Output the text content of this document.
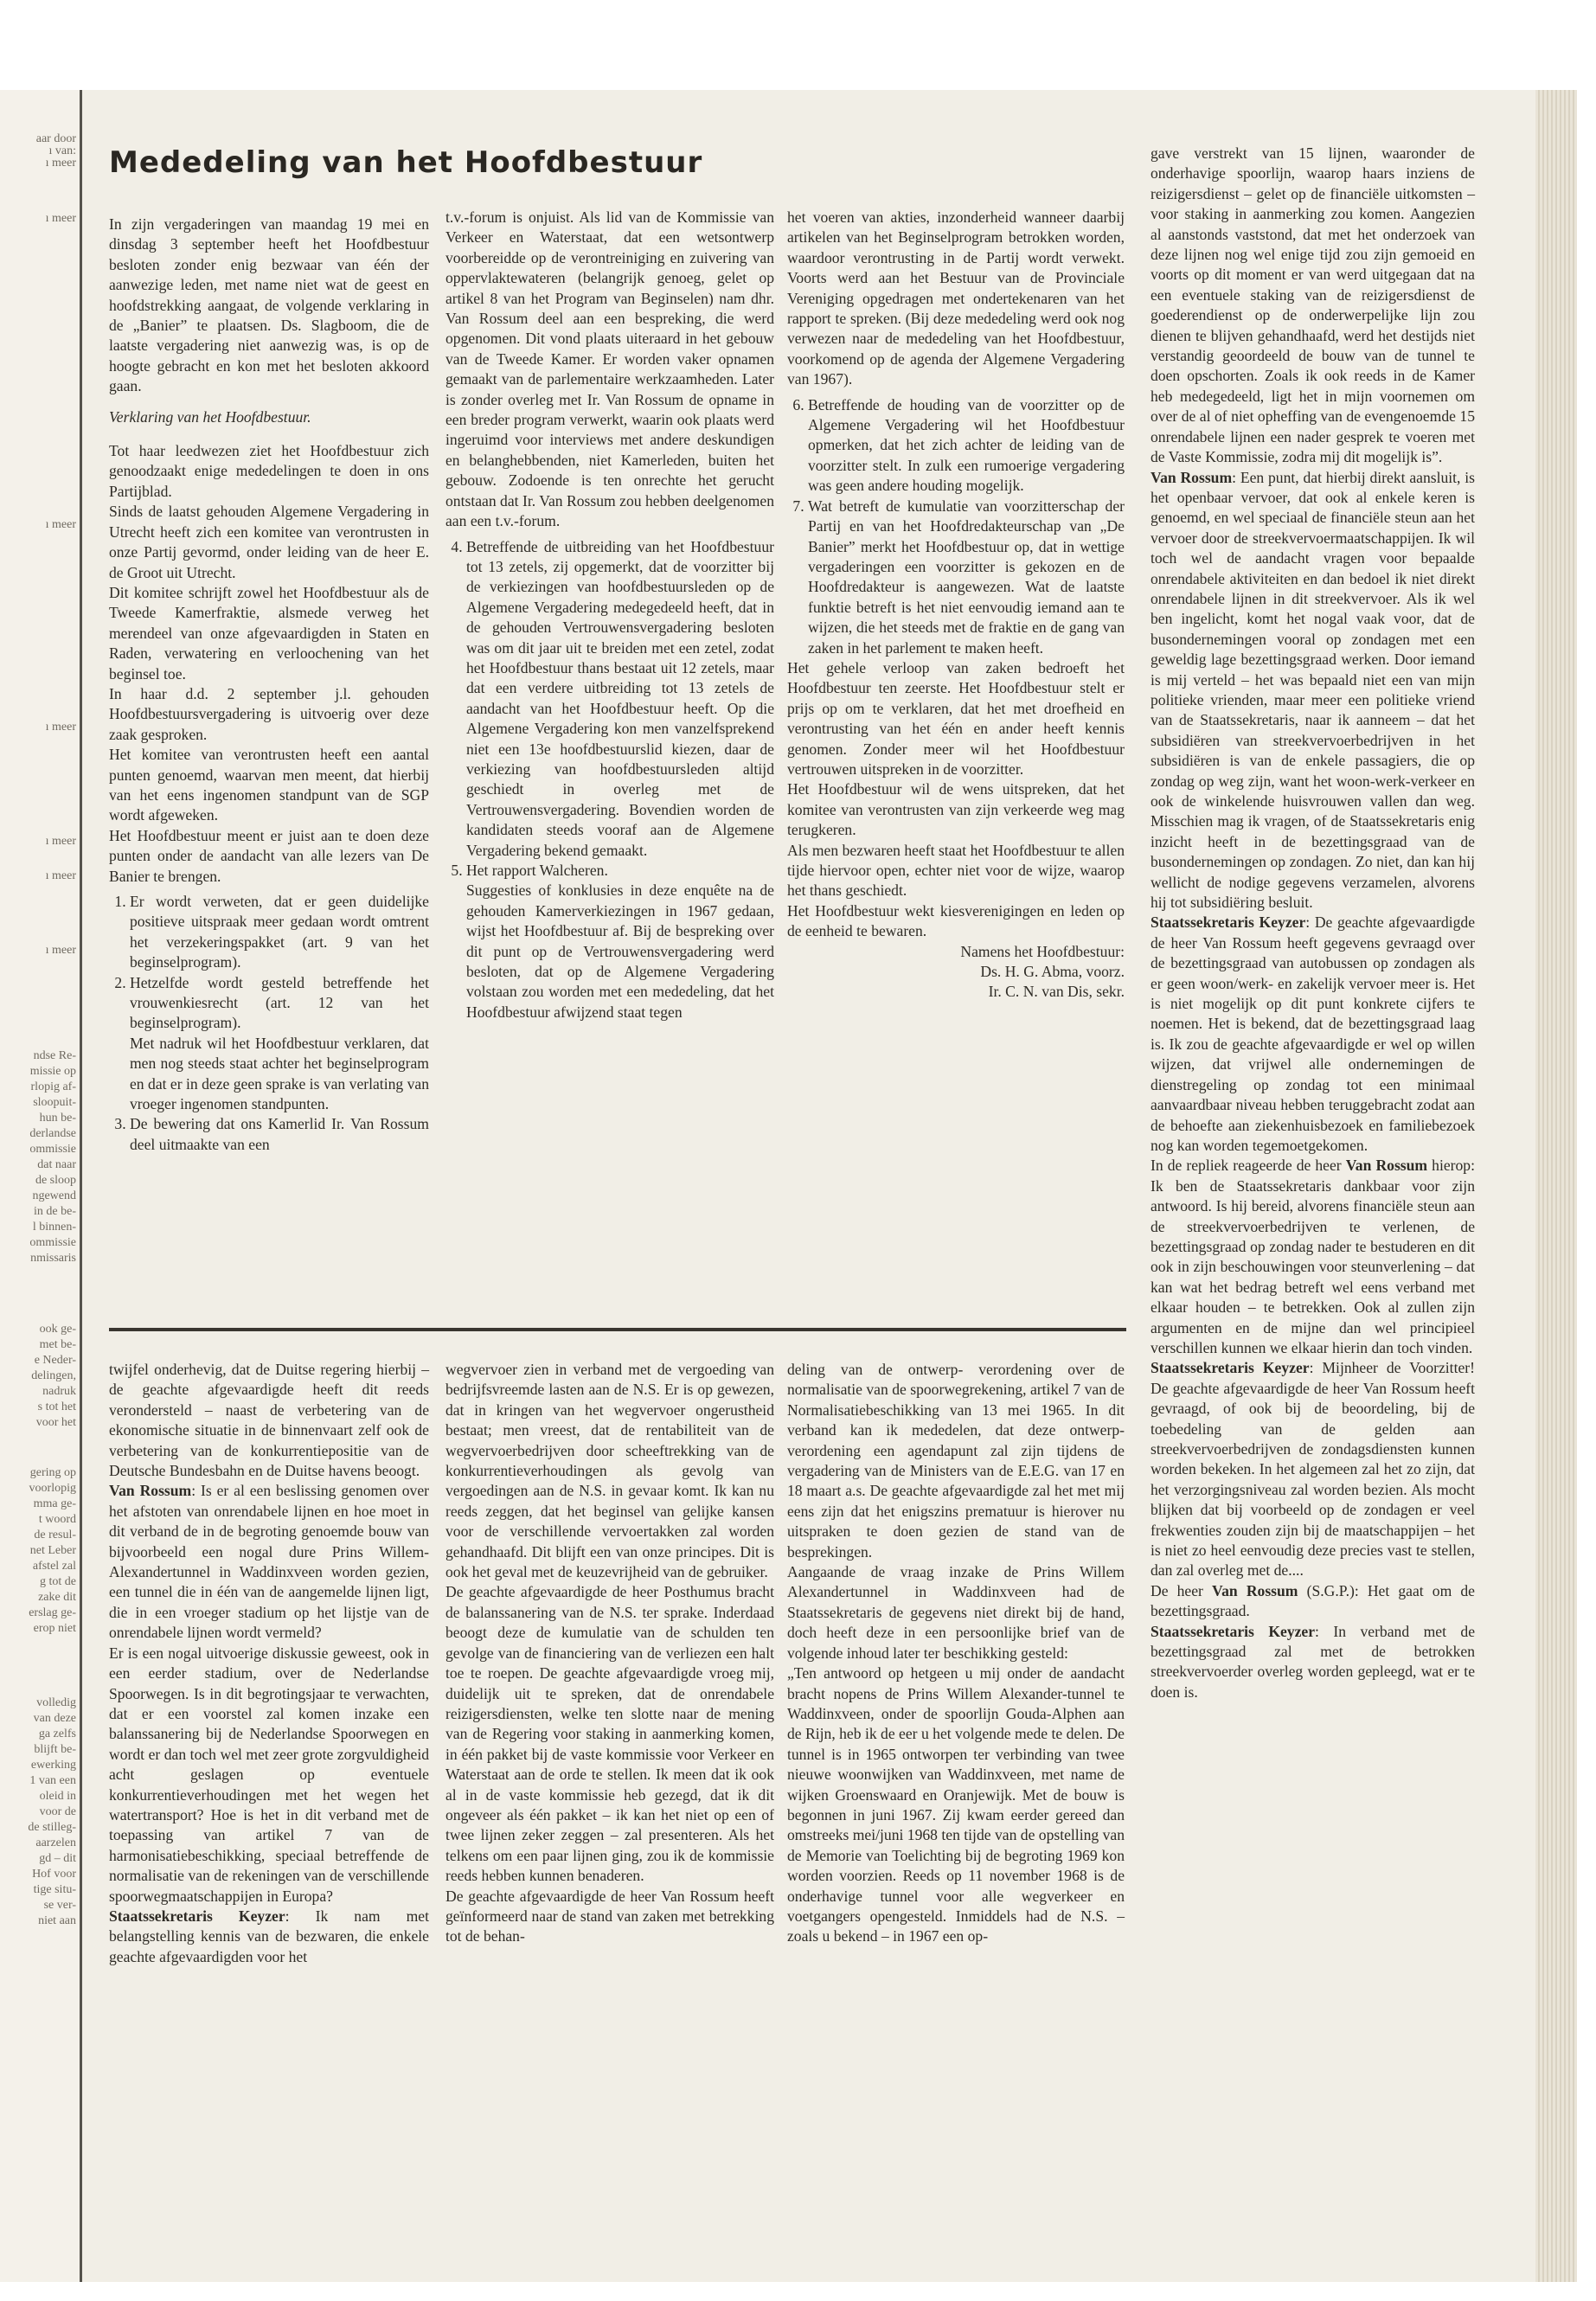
aar door
ı van:
ı meer
ı meer
ı meer
ı meer
ı meer
ı meer
ı meer
ndse Re-
missie op
rlopig af-
sloopuit-
hun be-
derlandse
ommissie
dat naar
de sloop
ngewend
in de be-
l binnen-
ommissie
nmissaris
ook ge-
met be-
e Neder-
delingen,
nadruk
s tot het
voor het
gering op
voorlopig
mma ge-
t woord
de resul-
net Leber
afstel zal
g tot de
zake dit
erslag ge-
erop niet
volledig
van deze
ga zelfs
blijft be-
ewerking
1 van een
oleid in
voor de
de stilleg-
aarzelen
gd – dit
Hof voor
tige situ-
se ver-
niet aan
Mededeling van het Hoofdbestuur

In zijn vergaderingen van maandag 19 mei en dinsdag 3 september heeft het Hoofdbestuur besloten zonder enig bezwaar van één der aanwezige leden, met name niet wat de geest en hoofdstrekking aangaat, de volgende verklaring in de „Banier” te plaatsen. Ds. Slagboom, die de laatste vergadering niet aanwezig was, is op de hoogte gebracht en kon met het besloten akkoord gaan.

Verklaring van het Hoofdbestuur.

Tot haar leedwezen ziet het Hoofdbestuur zich genoodzaakt enige mededelingen te doen in ons Partijblad.

Sinds de laatst gehouden Algemene Vergadering in Utrecht heeft zich een komitee van verontrusten in onze Partij gevormd, onder leiding van de heer E. de Groot uit Utrecht.

Dit komitee schrijft zowel het Hoofdbestuur als de Tweede Kamerfraktie, alsmede verweg het merendeel van onze afgevaardigden in Staten en Raden, verwatering en verloochening van het beginsel toe.

In haar d.d. 2 september j.l. gehouden Hoofdbestuursvergadering is uitvoerig over deze zaak gesproken.

Het komitee van verontrusten heeft een aantal punten genoemd, waarvan men meent, dat hierbij van het eens ingenomen standpunt van de SGP wordt afgeweken.

Het Hoofdbestuur meent er juist aan te doen deze punten onder de aandacht van alle lezers van De Banier te brengen.

1. Er wordt verweten, dat er geen duidelijke positieve uitspraak meer gedaan wordt omtrent het verzekeringspakket (art. 9 van het beginselprogram).
2. Hetzelfde wordt gesteld betreffende het vrouwenkiesrecht (art. 12 van het beginselprogram).
Met nadruk wil het Hoofdbestuur verklaren, dat men nog steeds staat achter het beginselprogram en dat er in deze geen sprake is van verlating van vroeger ingenomen standpunten.
3. De bewering dat ons Kamerlid Ir. Van Rossum deel uitmaakte van een

t.v.-forum is onjuist. Als lid van de Kommissie van Verkeer en Waterstaat, dat een wetsontwerp voorbereidde op de verontreiniging en zuivering van oppervlaktewateren (belangrijk genoeg, gelet op artikel 8 van het Program van Beginselen) nam dhr. Van Rossum deel aan een bespreking, die werd opgenomen. Dit vond plaats uiteraard in het gebouw van de Tweede Kamer. Er worden vaker opnamen gemaakt van de parlementaire werkzaamheden. Later is zonder overleg met Ir. Van Rossum de opname in een breder program verwerkt, waarin ook plaats werd ingeruimd voor interviews met andere deskundigen en belanghebbenden, niet Kamerleden, buiten het gebouw. Zodoende is ten onrechte het gerucht ontstaan dat Ir. Van Rossum zou hebben deelgenomen aan een t.v.-forum.

4. Betreffende de uitbreiding van het Hoofdbestuur tot 13 zetels, zij opgemerkt, dat de voorzitter bij de verkiezingen van hoofdbestuursleden op de Algemene Vergadering medegedeeld heeft, dat in de gehouden Vertrouwensvergadering besloten was om dit jaar uit te breiden met een zetel, zodat het Hoofdbestuur thans bestaat uit 12 zetels, maar dat een verdere uitbreiding tot 13 zetels de aandacht van het Hoofdbestuur heeft. Op die Algemene Vergadering kon men vanzelfsprekend niet een 13e hoofdbestuurslid kiezen, daar de verkiezing van hoofdbestuursleden altijd geschiedt in overleg met de Vertrouwensvergadering. Bovendien worden de kandidaten steeds vooraf aan de Algemene Vergadering bekend gemaakt.
5. Het rapport Walcheren.
Suggesties of konklusies in deze enquête na de gehouden Kamerverkiezingen in 1967 gedaan, wijst het Hoofdbestuur af. Bij de bespreking over dit punt op de Vertrouwensvergadering werd besloten, dat op de Algemene Vergadering volstaan zou worden met een mededeling, dat het Hoofdbestuur afwijzend staat tegen

het voeren van akties, inzonderheid wanneer daarbij artikelen van het Beginselprogram betrokken worden, waardoor verontrusting in de Partij wordt verwekt. Voorts werd aan het Bestuur van de Provinciale Vereniging opgedragen met ondertekenaren van het rapport te spreken. (Bij deze mededeling werd ook nog verwezen naar de mededeling van het Hoofdbestuur, voorkomend op de agenda der Algemene Vergadering van 1967).

6. Betreffende de houding van de voorzitter op de Algemene Vergadering wil het Hoofdbestuur opmerken, dat het zich achter de leiding van de voorzitter stelt. In zulk een rumoerige vergadering was geen andere houding mogelijk.
7. Wat betreft de kumulatie van voorzitterschap der Partij en van het Hoofdredakteurschap van „De Banier” merkt het Hoofdbestuur op, dat in wettige vergaderingen een voorzitter is gekozen en de Hoofdredakteur is aangewezen. Wat de laatste funktie betreft is het niet eenvoudig iemand aan te wijzen, die het steeds met de fraktie en de gang van zaken in het parlement te maken heeft.

Het gehele verloop van zaken bedroeft het Hoofdbestuur ten zeerste. Het Hoofdbestuur stelt er prijs op om te verklaren, dat het met droefheid en verontrusting van het één en ander heeft kennis genomen. Zonder meer wil het Hoofdbestuur vertrouwen uitspreken in de voorzitter.

Het Hoofdbestuur wil de wens uitspreken, dat het komitee van verontrusten van zijn verkeerde weg mag terugkeren.

Als men bezwaren heeft staat het Hoofdbestuur te allen tijde hiervoor open, echter niet voor de wijze, waarop het thans geschiedt.

Het Hoofdbestuur wekt kiesverenigingen en leden op de eenheid te bewaren.

Namens het Hoofdbestuur:

Ds. H. G. Abma, voorz.

Ir. C. N. van Dis, sekr.

gave verstrekt van 15 lijnen, waaronder de onderhavige spoorlijn, waarop haars inziens de reizigersdienst – gelet op de financiële uitkomsten – voor staking in aanmerking zou komen. Aangezien al aanstonds vaststond, dat met het onderzoek van deze lijnen nog wel enige tijd zou zijn gemoeid en voorts op dit moment er van werd uitgegaan dat na een eventuele staking van de reizigersdienst de goederendienst op de onderwerpelijke lijn zou dienen te blijven gehandhaafd, werd het destijds niet verstandig geoordeeld de bouw van de tunnel te doen opschorten. Zoals ik ook reeds in de Kamer heb medegedeeld, ligt het in mijn voornemen om over de al of niet opheffing van de evengenoemde 15 onrendabele lijnen een nader gesprek te voeren met de Vaste Kommissie, zodra mij dit mogelijk is”.

Van Rossum: Een punt, dat hierbij direkt aansluit, is het openbaar vervoer, dat ook al enkele keren is genoemd, en wel speciaal de financiële steun aan het vervoer door de streekvervoermaatschappijen. Ik wil toch wel de aandacht vragen voor bepaalde onrendabele aktiviteiten en dan bedoel ik niet direkt onrendabele lijnen in dit streekvervoer. Als ik wel ben ingelicht, komt het nogal vaak voor, dat de busondernemingen vooral op zondagen met een geweldig lage bezettingsgraad werken. Door iemand is mij verteld – het was bepaald niet een van mijn politieke vrienden, maar meer een politieke vriend van de Staatssekretaris, naar ik aanneem – dat het subsidiëren van streekvervoerbedrijven in het subsidiëren is van de enkele passagiers, die op zondag op weg zijn, want het woon-werk-verkeer en ook de winkelende huisvrouwen vallen dan weg. Misschien mag ik vragen, of de Staatssekretaris enig inzicht heeft in de bezettingsgraad van de busondernemingen op zondagen. Zo niet, dan kan hij wellicht de nodige gegevens verzamelen, alvorens hij tot subsidiëring besluit.

Staatssekretaris Keyzer: De geachte afgevaardigde de heer Van Rossum heeft gegevens gevraagd over de bezettingsgraad van autobussen op zondagen als er geen woon/werk- en zakelijk vervoer meer is. Het is niet mogelijk op dit punt konkrete cijfers te noemen. Het is bekend, dat de bezettingsgraad laag is. Ik zou de geachte afgevaardigde er wel op willen wijzen, dat vrijwel alle ondernemingen de dienstregeling op zondag tot een minimaal aanvaardbaar niveau hebben teruggebracht zodat aan de behoefte aan ziekenhuisbezoek en familiebezoek nog kan worden tegemoetgekomen.

In de repliek reageerde de heer Van Rossum hierop: Ik ben de Staatssekretaris dankbaar voor zijn antwoord. Is hij bereid, alvorens financiële steun aan de streekvervoerbedrijven te verlenen, de bezettingsgraad op zondag nader te bestuderen en dit ook in zijn beschouwingen voor steunverlening – dat kan wat het bedrag betreft wel eens verband met elkaar houden – te betrekken. Ook al zullen zijn argumenten en de mijne dan wel principieel verschillen kunnen we elkaar hierin dan toch vinden.

Staatssekretaris Keyzer: Mijnheer de Voorzitter! De geachte afgevaardigde de heer Van Rossum heeft gevraagd, of ook bij de beoordeling, bij de toebedeling van de gelden aan streekvervoerbedrijven de zondagsdiensten kunnen worden bekeken. In het algemeen zal het zo zijn, dat het verzorgingsniveau zal worden bezien. Als mocht blijken dat bij voorbeeld op de zondagen er veel frekwenties zouden zijn bij de maatschappijen – het is niet zo heel eenvoudig deze precies vast te stellen, dan zal overleg met de....

De heer Van Rossum (S.G.P.): Het gaat om de bezettingsgraad.

Staatssekretaris Keyzer: In verband met de bezettingsgraad zal met de betrokken streekvervoerder overleg worden gepleegd, wat er te doen is.

twijfel onderhevig, dat de Duitse regering hierbij – de geachte afgevaardigde heeft dit reeds verondersteld – naast de verbetering van de ekonomische situatie in de binnenvaart zelf ook de verbetering van de konkurrentiepositie van de Deutsche Bundesbahn en de Duitse havens beoogt.

Van Rossum: Is er al een beslissing genomen over het afstoten van onrendabele lijnen en hoe moet in dit verband de in de begroting genoemde bouw van bijvoorbeeld een nogal dure Prins Willem-Alexandertunnel in Waddinxveen worden gezien, een tunnel die in één van de aangemelde lijnen ligt, die in een vroeger stadium op het lijstje van de onrendabele lijnen wordt vermeld?

Er is een nogal uitvoerige diskussie geweest, ook in een eerder stadium, over de Nederlandse Spoorwegen. Is in dit begrotingsjaar te verwachten, dat er een voorstel zal komen inzake een balanssanering bij de Nederlandse Spoorwegen en wordt er dan toch wel met zeer grote zorgvuldigheid acht geslagen op eventuele konkurrentieverhoudingen met het wegen het watertransport? Hoe is het in dit verband met de toepassing van artikel 7 van de harmonisatiebeschikking, speciaal betreffende de normalisatie van de rekeningen van de verschillende spoorwegmaatschappijen in Europa?

Staatssekretaris Keyzer: Ik nam met belangstelling kennis van de bezwaren, die enkele geachte afgevaardigden voor het

wegvervoer zien in verband met de vergoeding van bedrijfsvreemde lasten aan de N.S. Er is op gewezen, dat in kringen van het wegvervoer ongerustheid bestaat; men vreest, dat de rentabiliteit van de wegvervoerbedrijven door scheeftrekking van de konkurrentieverhoudingen als gevolg van vergoedingen aan de N.S. in gevaar komt. Ik kan nu reeds zeggen, dat het beginsel van gelijke kansen voor de verschillende vervoertakken zal worden gehandhaafd. Dit blijft een van onze principes. Dit is ook het geval met de keuzevrijheid van de gebruiker.

De geachte afgevaardigde de heer Posthumus bracht de balanssanering van de N.S. ter sprake. Inderdaad beoogt deze de kumulatie van de schulden ten gevolge van de financiering van de verliezen een halt toe te roepen. De geachte afgevaardigde vroeg mij, duidelijk uit te spreken, dat de onrendabele reizigersdiensten, welke ten slotte naar de mening van de Regering voor staking in aanmerking komen, in één pakket bij de vaste kommissie voor Verkeer en Waterstaat aan de orde te stellen. Ik meen dat ik ook al in de vaste kommissie heb gezegd, dat ik dit ongeveer als één pakket – ik kan het niet op een of twee lijnen zeker zeggen – zal presenteren. Als het telkens om een paar lijnen ging, zou ik de kommissie reeds hebben kunnen benaderen.

De geachte afgevaardigde de heer Van Rossum heeft geïnformeerd naar de stand van zaken met betrekking tot de behan-

deling van de ontwerp- verordening over de normalisatie van de spoorwegrekening, artikel 7 van de Normalisatiebeschikking van 13 mei 1965. In dit verband kan ik mededelen, dat deze ontwerp-verordening een agendapunt zal zijn tijdens de vergadering van de Ministers van de E.E.G. van 17 en 18 maart a.s. De geachte afgevaardigde zal het met mij eens zijn dat het enigszins prematuur is hierover nu uitspraken te doen gezien de stand van de besprekingen.

Aangaande de vraag inzake de Prins Willem Alexandertunnel in Waddinxveen had de Staatssekretaris de gegevens niet direkt bij de hand, doch heeft deze in een persoonlijke brief van de volgende inhoud later ter beschikking gesteld:

„Ten antwoord op hetgeen u mij onder de aandacht bracht nopens de Prins Willem Alexander-tunnel te Waddinxveen, onder de spoorlijn Gouda-Alphen aan de Rijn, heb ik de eer u het volgende mede te delen. De tunnel is in 1965 ontworpen ter verbinding van twee nieuwe woonwijken van Waddinxveen, met name de wijken Groenswaard en Oranjewijk. Met de bouw is begonnen in juni 1967. Zij kwam eerder gereed dan omstreeks mei/juni 1968 ten tijde van de opstelling van de Memorie van Toelichting bij de begroting 1969 kon worden voorzien. Reeds op 11 november 1968 is de onderhavige tunnel voor alle wegverkeer en voetgangers opengesteld. Inmiddels had de N.S. – zoals u bekend – in 1967 een op-
